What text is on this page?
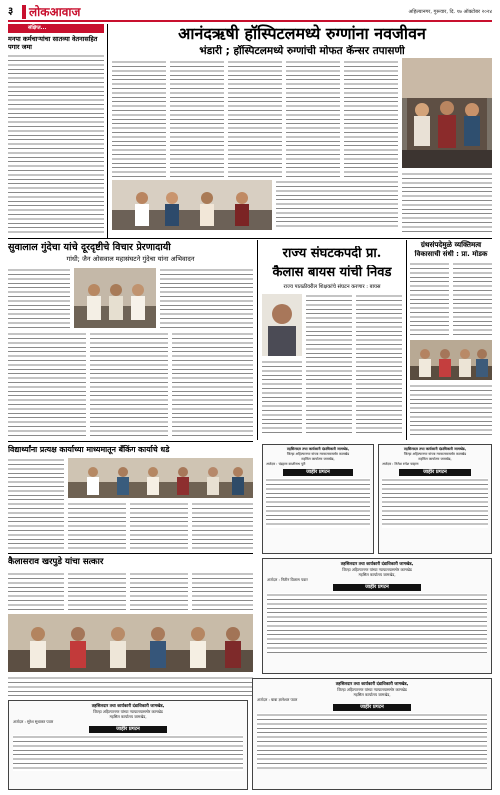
३	लोकआवाज	अहिल्यानगर, गुरूवार, दि. १७ ऑक्टोबर २०२४
संक्षिप्त...
मनपा कर्मचाऱ्यांचा सातव्या वेतनासहित पगार जमा
आनंदऋषी हॉस्पिटलमध्ये रुग्णांना नवजीवन
भंडारी ; हॉस्पिटलमध्ये रुग्णांची मोफत कॅन्सर तपासणी
सुवालाल गुंदेचा यांचे दूरदृष्टीचे विचार प्रेरणादायी
गांधी; जैन ओसवाल महासंघटने गुंदेचा यांना अभिवादन	राज्य संघटकपदी प्रा.
कैलास बायस यांची निवड
राज्य पातळीवरील शिक्षकांचे संघटन करणार : बायस
ग्रंथसंपदेमुळे व्यक्तिमत्व
विकासाची संधी : प्रा. मोडक
विद्यार्थ्यांना प्रत्यक्ष कार्याच्या माध्यमातून बँकिंग कार्याचे धडे
कैलासराव खरपुडे यांचा सत्कार
तहसिलदार तथा कार्यकारी दंडाधिकारी जामखेड,
जिल्हा अहिल्यानगर यांच्या न्यायालयासमोर कामखेड
महसिल कार्यालय जामखेड,
अर्जदार : चंद्रहास काशीनाथ पुरी
जाहीर प्रगटन
तहसिलदार तथा कार्यकारी दंडाधिकारी जामखेड,
जिल्हा अहिल्यानगर यांच्या न्यायालयासमोर कामखेड
महसिल कार्यालय जामखेड,
अर्जदार : निलेश रुपेश चव्हाण
जाहीर प्रगटन
तहसिलदार तथा कार्यकारी दंडाधिकारी जामखेड,
जिल्हा अहिल्यानगर यांच्या न्यायालयासमोर कामखेड
महसिल कार्यालय जामखेड,
अर्जदार : नितीन विलास पवार
जाहीर प्रगटन
तहसिलदार तथा कार्यकारी दंडाधिकारी जामखेड,
जिल्हा अहिल्यानगर यांच्या न्यायालयासमोर कामखेड
महसिल कार्यालय जामखेड,
अर्जदार : सुरेश सुधाकर पवार
जाहीर प्रगटन
तहसिलदार तथा कार्यकारी दंडाधिकारी जामखेड,
जिल्हा अहिल्यानगर यांच्या न्यायालयासमोर कामखेड
महसिल कार्यालय जामखेड,
अर्जदार : बाबा ज्ञानेश्वर पवार
जाहीर प्रगटन
